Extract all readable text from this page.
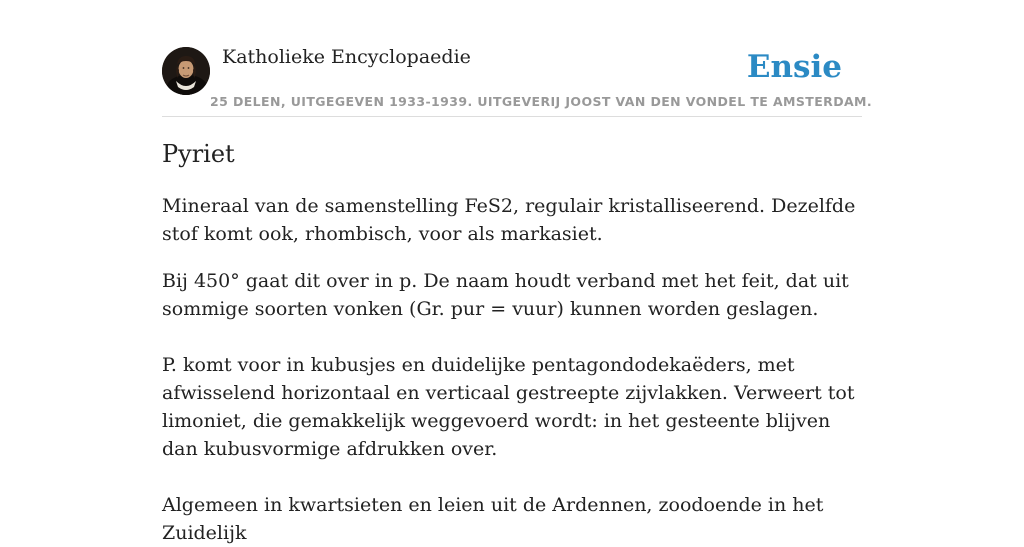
Katholieke Encyclopaedie	Ensie
25 DELEN, UITGEGEVEN 1933-1939. UITGEVERIJ JOOST VAN DEN VONDEL TE AMSTERDAM.
Pyriet

Mineraal van de samenstelling FeS2, regulair kristalliseerend. Dezelfde stof komt ook, rhombisch, voor als markasiet.

Bij 450° gaat dit over in p. De naam houdt verband met het feit, dat uit sommige soorten vonken (Gr. pur = vuur) kunnen worden geslagen.

P. komt voor in kubusjes en duidelijke pentagondodekaëders, met afwisselend horizontaal en verticaal gestreepte zijvlakken. Verweert tot limoniet, die gemakkelijk weggevoerd wordt: in het gesteente blijven dan kubusvormige afdrukken over.

Algemeen in kwartsieten en leien uit de Ardennen, zoodoende in het Zuidelijk
